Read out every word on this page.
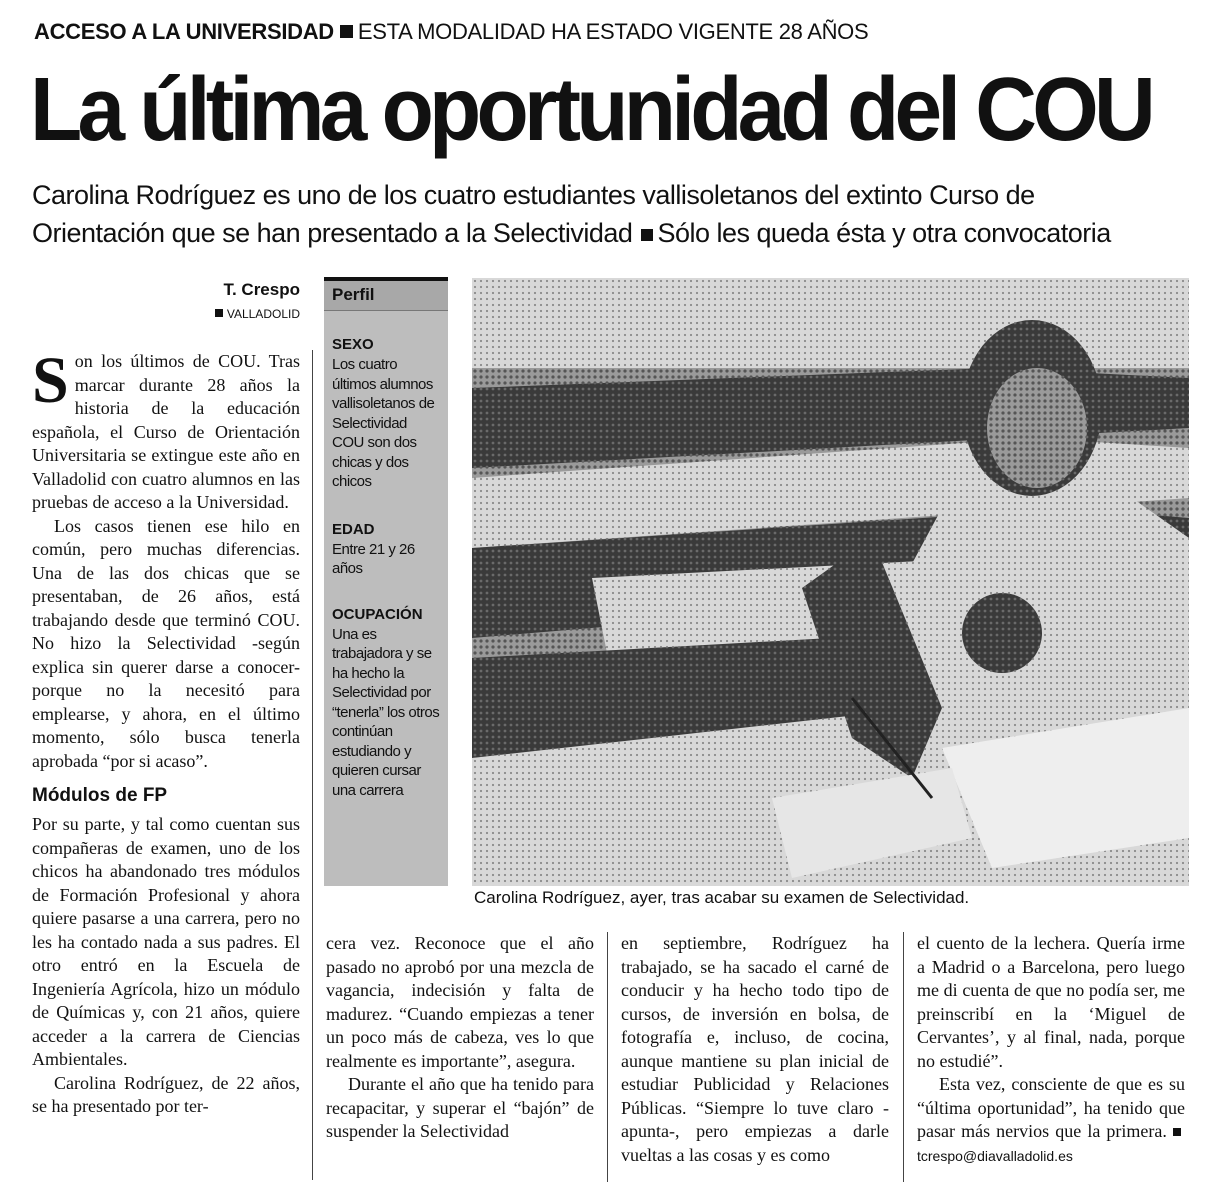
ACCESO A LA UNIVERSIDAD ESTA MODALIDAD HA ESTADO VIGENTE 28 AÑOS
La última oportunidad del COU
Carolina Rodríguez es uno de los cuatro estudiantes vallisoletanos del extinto Curso de
Orientación que se han presentado a la Selectividad Sólo les queda ésta y otra convocatoria
T. Crespo
VALLADOLID

Son los últimos de COU. Tras marcar durante 28 años la historia de la educación española, el Curso de Orientación Universitaria se extingue este año en Valladolid con cuatro alumnos en las pruebas de acceso a la Universidad.

Los casos tienen ese hilo en común, pero muchas diferencias. Una de las dos chicas que se presentaban, de 26 años, está trabajando desde que terminó COU. No hizo la Selectividad -según explica sin querer darse a conocer- porque no la necesitó para emplearse, y ahora, en el último momento, sólo busca tenerla aprobada “por si acaso”.

Módulos de FP

Por su parte, y tal como cuentan sus compañeras de examen, uno de los chicos ha abandonado tres módulos de Formación Profesional y ahora quiere pasarse a una carrera, pero no les ha contado nada a sus padres. El otro entró en la Escuela de Ingeniería Agrícola, hizo un módulo de Químicas y, con 21 años, quiere acceder a la carrera de Ciencias Ambientales.

Carolina Rodríguez, de 22 años, se ha presentado por ter-

Perfil
SEXO
Los cuatro últimos alumnos vallisoletanos de Selectividad COU son dos chicas y dos chicos
EDAD
Entre 21 y 26 años
OCUPACIÓN
Una es trabajadora y se ha hecho la Selectividad por “tenerla” los otros continúan estudiando y quieren cursar una carrera
Carolina Rodríguez, ayer, tras acabar su examen de Selectividad.

cera vez. Reconoce que el año pasado no aprobó por una mezcla de vagancia, indecisión y falta de madurez. “Cuando empiezas a tener un poco más de cabeza, ves lo que realmente es importante”, asegura.

Durante el año que ha tenido para recapacitar, y superar el “bajón” de suspender la Selectividad

en septiembre, Rodríguez ha trabajado, se ha sacado el carné de conducir y ha hecho todo tipo de cursos, de inversión en bolsa, de fotografía e, incluso, de cocina, aunque mantiene su plan inicial de estudiar Publicidad y Relaciones Públicas. “Siempre lo tuve claro -apunta-, pero empiezas a darle vueltas a las cosas y es como

el cuento de la lechera. Quería irme a Madrid o a Barcelona, pero luego me di cuenta de que no podía ser, me preinscribí en la ‘Miguel de Cervantes’, y al final, nada, porque no estudié”.

Esta vez, consciente de que es su “última oportunidad”, ha tenido que pasar más nervios que la primera. tcrespo@diavalladolid.es
